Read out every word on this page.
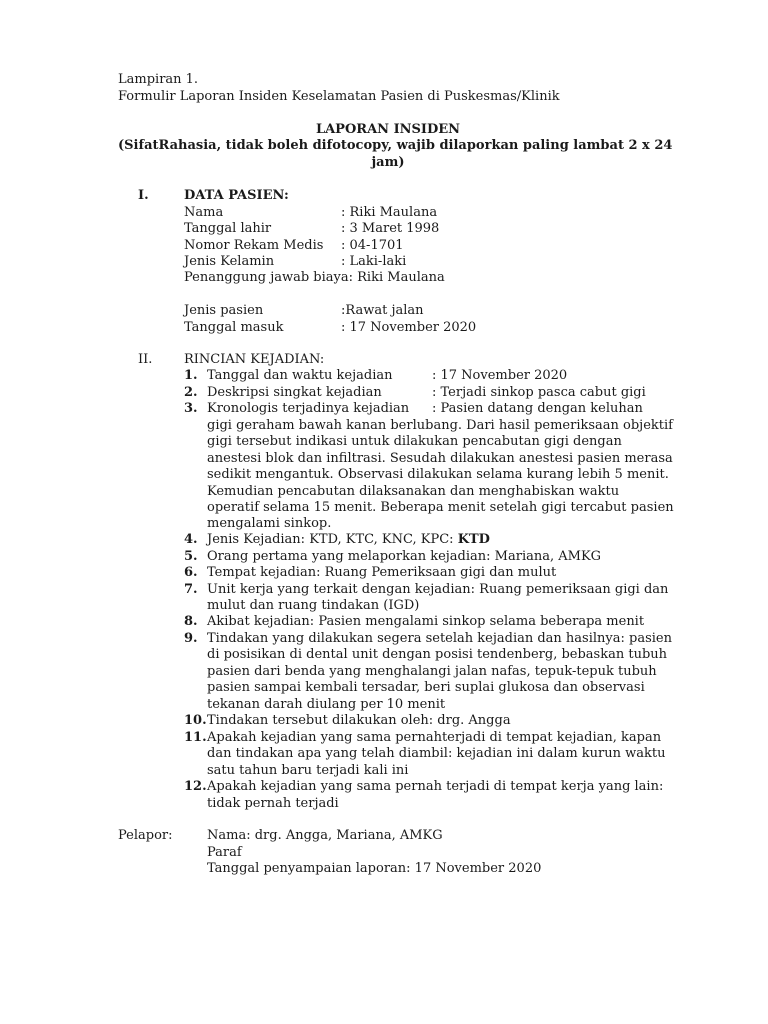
Lampiran 1.
Formulir Laporan Insiden Keselamatan Pasien di Puskesmas/Klinik
LAPORAN INSIDEN
(SifatRahasia, tidak boleh difotocopy, wajib dilaporkan paling lambat 2 x 24
jam)
I.	DATA PASIEN:
Nama	: Riki Maulana
Tanggal lahir	: 3 Maret 1998
Nomor Rekam Medis : 04-1701
Jenis Kelamin	: Laki-laki
Penanggung jawab biaya: Riki Maulana
Jenis pasien	:Rawat jalan
Tanggal masuk	: 17 November 2020
II. RINCIAN KEJADIAN:
1. Tanggal dan waktu kejadian	: 17 November 2020
2. Deskripsi singkat kejadian	: Terjadi sinkop pasca cabut gigi
3. Kronologis terjadinya kejadian : Pasien datang dengan keluhan
gigi geraham bawah kanan berlubang. Dari hasil pemeriksaan objektif
gigi tersebut indikasi untuk dilakukan pencabutan gigi dengan
anestesi blok dan infiltrasi. Sesudah dilakukan anestesi pasien merasa
sedikit mengantuk. Observasi dilakukan selama kurang lebih 5 menit.
Kemudian pencabutan dilaksanakan dan menghabiskan waktu
operatif selama 15 menit. Beberapa menit setelah gigi tercabut pasien
mengalami sinkop.
4. Jenis Kejadian: KTD, KTC, KNC, KPC: KTD
5. Orang pertama yang melaporkan kejadian: Mariana, AMKG
6. Tempat kejadian: Ruang Pemeriksaan gigi dan mulut
7. Unit kerja yang terkait dengan kejadian: Ruang pemeriksaan gigi dan
mulut dan ruang tindakan (IGD)
8. Akibat kejadian: Pasien mengalami sinkop selama beberapa menit
9. Tindakan yang dilakukan segera setelah kejadian dan hasilnya: pasien
di posisikan di dental unit dengan posisi tendenberg, bebaskan tubuh
pasien dari benda yang menghalangi jalan nafas, tepuk-tepuk tubuh
pasien sampai kembali tersadar, beri suplai glukosa dan observasi
tekanan darah diulang per 10 menit
10. Tindakan tersebut dilakukan oleh: drg. Angga
11. Apakah kejadian yang sama pernahterjadi di tempat kejadian, kapan
dan tindakan apa yang telah diambil: kejadian ini dalam kurun waktu
satu tahun baru terjadi kali ini
12. Apakah kejadian yang sama pernah terjadi di tempat kerja yang lain:
tidak pernah terjadi
Pelapor:	Nama: drg. Angga, Mariana, AMKG
Paraf
Tanggal penyampaian laporan: 17 November 2020
